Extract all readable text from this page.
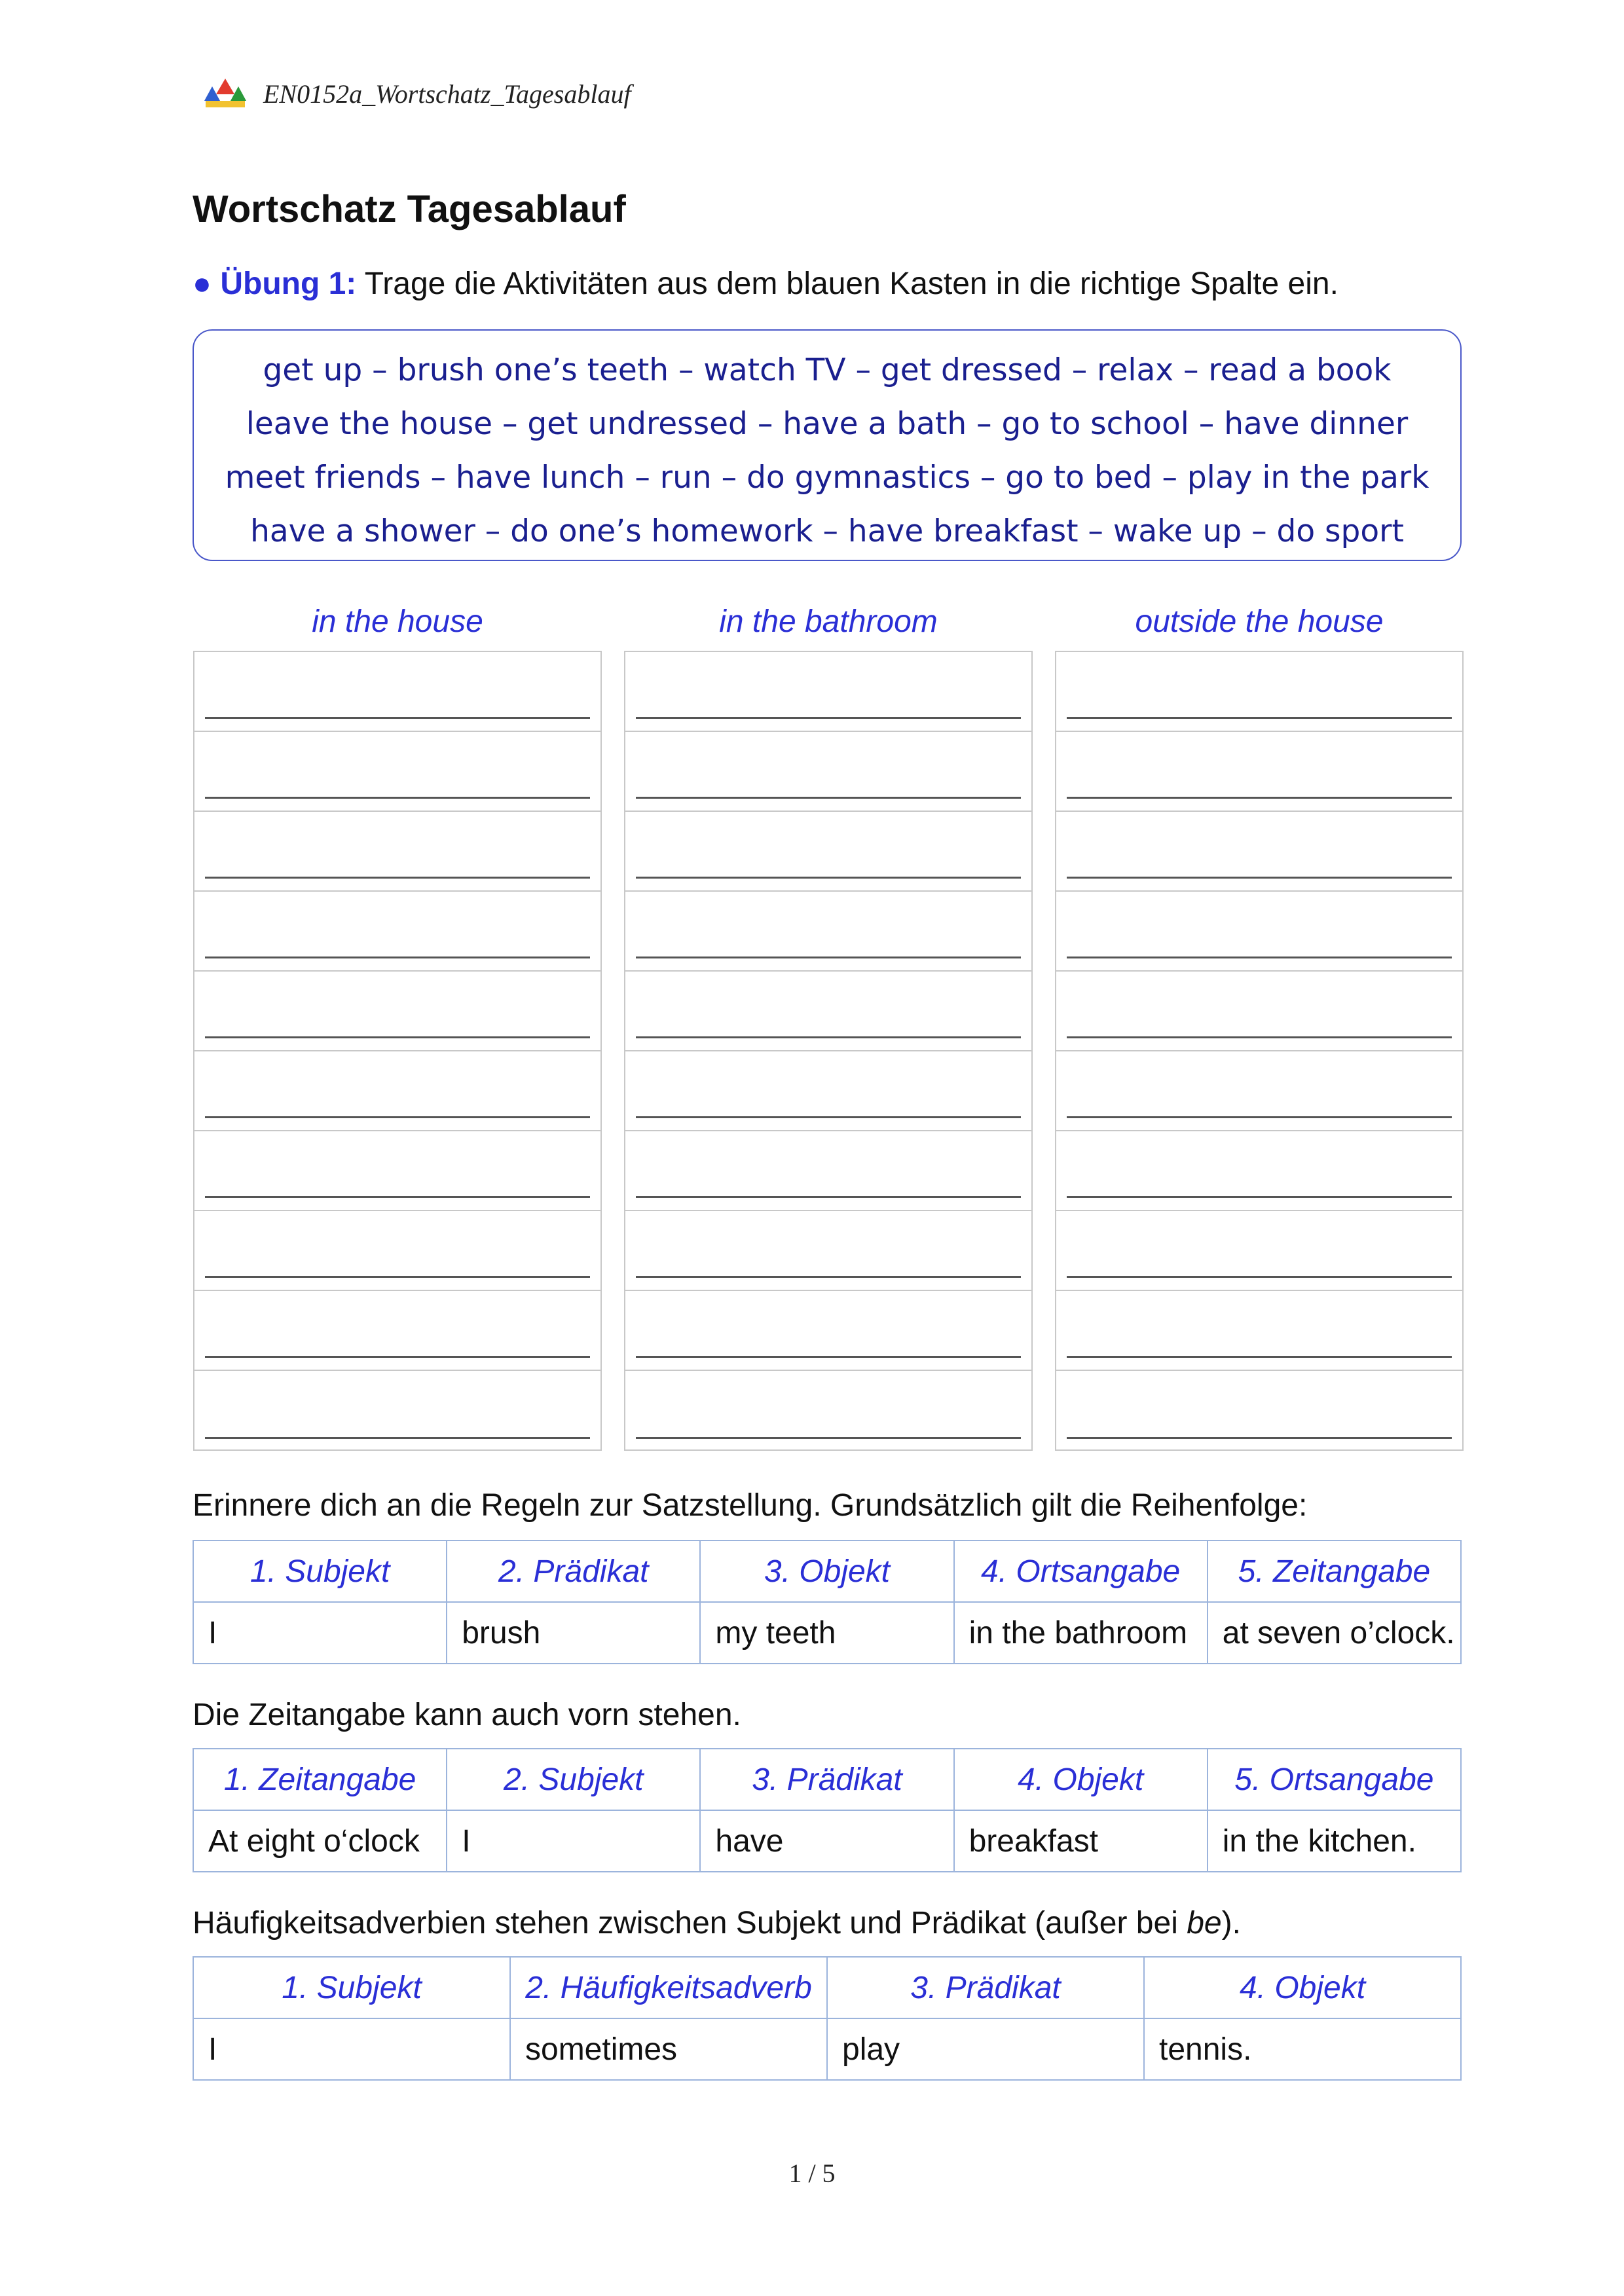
EN0152a_Wortschatz_Tagesablauf
Wortschatz Tagesablauf
● Übung 1: Trage die Aktivitäten aus dem blauen Kasten in die richtige Spalte ein.
get up – brush one’s teeth – watch TV – get dressed – relax – read a book
leave the house – get undressed – have a bath – go to school – have dinner
meet friends – have lunch – run – do gymnastics – go to bed – play in the park
have a shower – do one’s homework – have breakfast – wake up – do sport
in the house	in the bathroom	outside the house
Erinnere dich an die Regeln zur Satzstellung. Grundsätzlich gilt die Reihenfolge:
1. Subjekt	2. Prädikat	3. Objekt	4. Ortsangabe	5. Zeitangabe
I	brush	my teeth	in the bathroom	at seven o’clock.
Die Zeitangabe kann auch vorn stehen.
1. Zeitangabe	2. Subjekt	3. Prädikat	4. Objekt	5. Ortsangabe
At eight o‘clock	I	have	breakfast	in the kitchen.
Häufigkeitsadverbien stehen zwischen Subjekt und Prädikat (außer bei be).
1. Subjekt	2. Häufigkeitsadverb	3. Prädikat	4. Objekt
I	sometimes	play	tennis.
1 / 5
